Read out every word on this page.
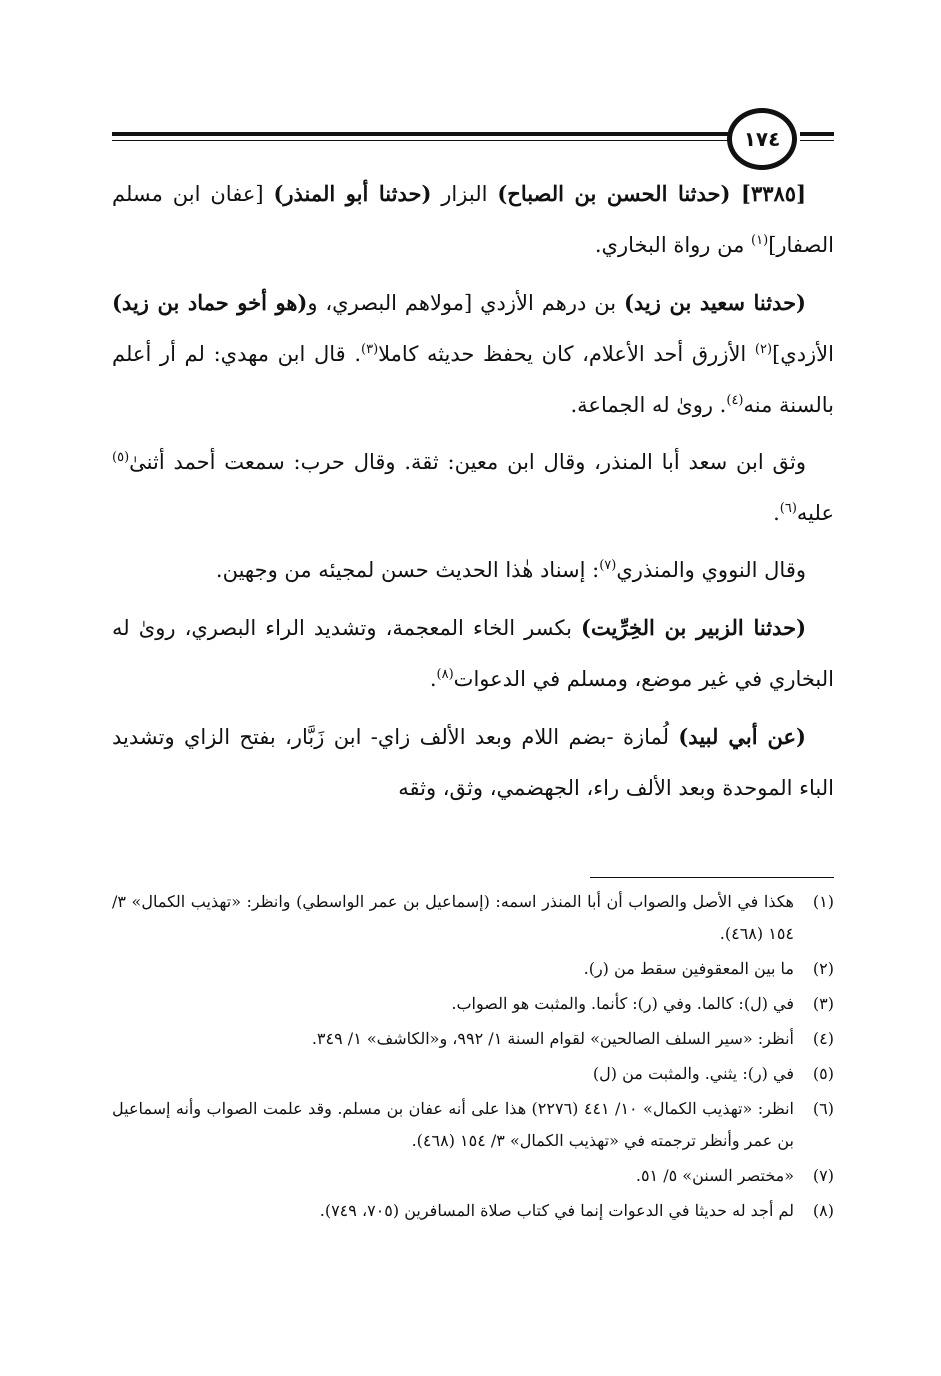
١٧٤

[٣٣٨٥] (حدثنا الحسن بن الصباح) البزار (حدثنا أبو المنذر) [عفان ابن مسلم الصفار]$^{(١)}$ من رواة البخاري.

(حدثنا سعيد بن زيد) بن درهم الأزدي [مولاهم البصري، و(هو أخو حماد بن زيد) الأزدي]$^{(٢)}$ الأزرق أحد الأعلام، كان يحفظ حديثه كاملا$^{(٣)}$. قال ابن مهدي: لم أر أعلم بالسنة منه$^{(٤)}$. روىٰ له الجماعة.

وثق ابن سعد أبا المنذر، وقال ابن معين: ثقة. وقال حرب: سمعت أحمد أثنىٰ$^{(٥)}$ عليه$^{(٦)}$.

وقال النووي والمنذري$^{(٧)}$: إسناد هٰذا الحديث حسن لمجيئه من وجهين.

(حدثنا الزبير بن الخِرِّيت) بكسر الخاء المعجمة، وتشديد الراء البصري، روىٰ له البخاري في غير موضع، ومسلم في الدعوات$^{(٨)}$.

(عن أبي لبيد) لُمازة -بضم اللام وبعد الألف زاي- ابن زَبَّار، بفتح الزاي وتشديد الباء الموحدة وبعد الألف راء، الجهضمي، وثق، وثقه

(١)
هكذا في الأصل والصواب أن أبا المنذر اسمه: (إسماعيل بن عمر الواسطي) وانظر: «تهذيب الكمال» ٣/ ١٥٤ (٤٦٨).
(٢)
ما بين المعقوفين سقط من (ر).
(٣)
في (ل): كالما. وفي (ر): كأنما. والمثبت هو الصواب.
(٤)
أنظر: «سير السلف الصالحين» لقوام السنة ١/ ٩٩٢، و«الكاشف» ١/ ٣٤٩.
(٥)
في (ر): يثني. والمثبت من (ل)
(٦)
انظر: «تهذيب الكمال» ١٠/ ٤٤١ (٢٢٧٦) هذا على أنه عفان بن مسلم. وقد علمت الصواب وأنه إسماعيل بن عمر وأنظر ترجمته في «تهذيب الكمال» ٣/ ١٥٤ (٤٦٨).
(٧)
«مختصر السنن» ٥/ ٥١.
(٨)
لم أجد له حديثا في الدعوات إنما في كتاب صلاة المسافرين (٧٠٥، ٧٤٩).
